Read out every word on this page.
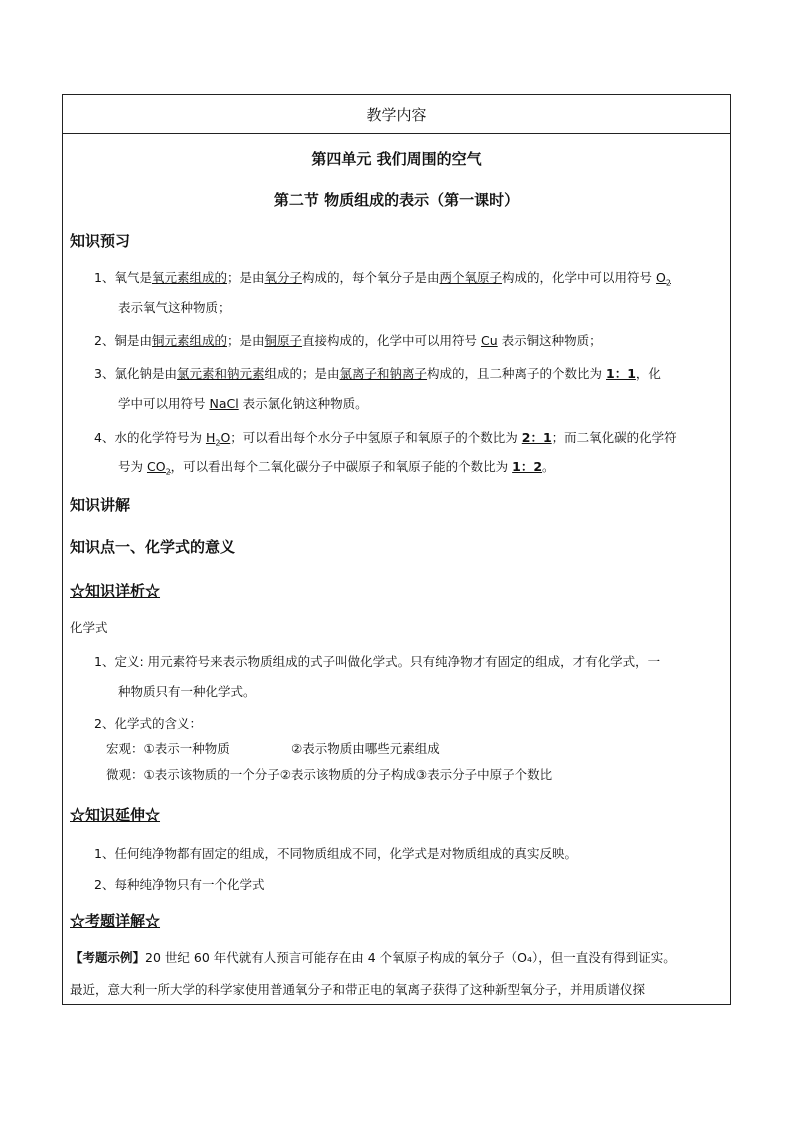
教学内容
第四单元 我们周围的空气
第二节 物质组成的表示（第一课时）
知识预习
1、氧气是氧元素组成的；是由氧分子构成的，每个氧分子是由两个氧原子构成的，化学中可以用符号 $O_2$
表示氧气这种物质；
2、铜是由铜元素组成的；是由铜原子直接构成的，化学中可以用符号 Cu 表示铜这种物质；
3、氯化钠是由氯元素和钠元素组成的；是由氯离子和钠离子构成的，且二种离子的个数比为 1：1，化
学中可以用符号 NaCl 表示氯化钠这种物质。
4、水的化学符号为 $H_2O$；可以看出每个水分子中氢原子和氧原子的个数比为 2：1；而二氧化碳的化学符
号为 $CO_2$，可以看出每个二氧化碳分子中碳原子和氧原子能的个数比为 1：2。
知识讲解
知识点一、化学式的意义
☆知识详析☆
化学式
1、定义: 用元素符号来表示物质组成的式子叫做化学式。只有纯净物才有固定的组成，才有化学式，一
种物质只有一种化学式。
2、化学式的含义：
宏观：①表示一种物质	②表示物质由哪些元素组成
微观：①表示该物质的一个分子②表示该物质的分子构成③表示分子中原子个数比
☆知识延伸☆
1、任何纯净物都有固定的组成，不同物质组成不同，化学式是对物质组成的真实反映。
2、每种纯净物只有一个化学式
☆考题详解☆
【考题示例】20 世纪 60 年代就有人预言可能存在由 4 个氧原子构成的氧分子（O₄），但一直没有得到证实。
最近，意大利一所大学的科学家使用普通氧分子和带正电的氧离子获得了这种新型氧分子，并用质谱仪探
